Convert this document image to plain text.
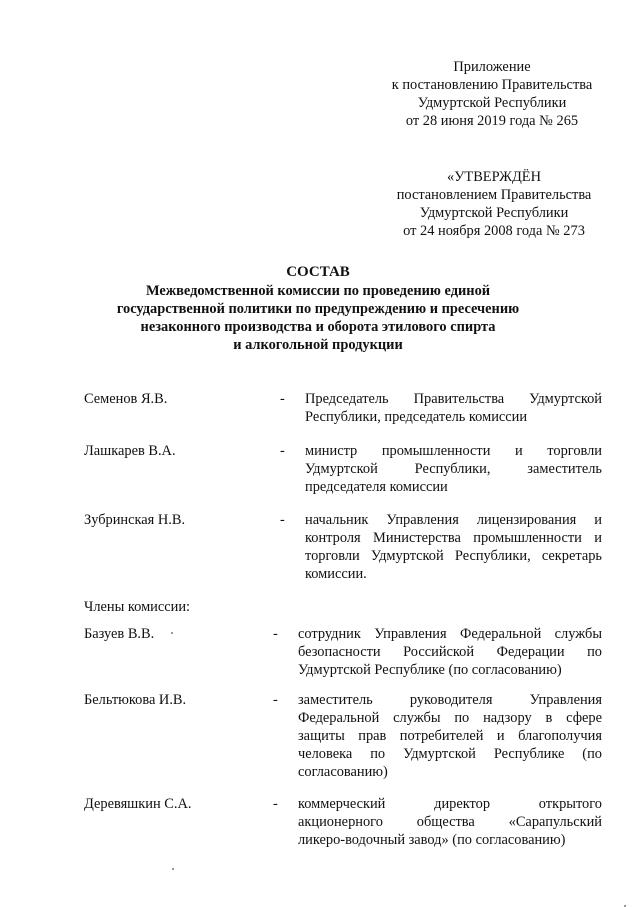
Приложение
к постановлению Правительства
Удмуртской Республики
от 28 июня 2019 года № 265
«УТВЕРЖДЁН
постановлением Правительства
Удмуртской Республики
от 24 ноября 2008 года № 273
СОСТАВ
Межведомственной комиссии по проведению единой
государственной политики по предупреждению и пресечению
незаконного производства и оборота этилового спирта
и алкогольной продукции
Семенов Я.В.	- Председатель Правительства Удмуртской
Республики, председатель комиссии
Лашкарев В.А.	- министр промышленности и торговли
Удмуртской Республики, заместитель
председателя комиссии
Зубринская Н.В.	- начальник Управления лицензирования и
контроля Министерства промышленности и
торговли Удмуртской Республики, секретарь
комиссии.
Члены комиссии:
Базуев В.В.	- сотрудник Управления Федеральной службы
безопасности Российской Федерации по
Удмуртской Республике (по согласованию)
Бельтюкова И.В.	- заместитель руководителя Управления
Федеральной службы по надзору в сфере
защиты прав потребителей и благополучия
человека по Удмуртской Республике (по
согласованию)
Деревяшкин С.А.	- коммерческий директор открытого
акционерного общества «Сарапульский
ликеро-водочный завод» (по согласованию)
